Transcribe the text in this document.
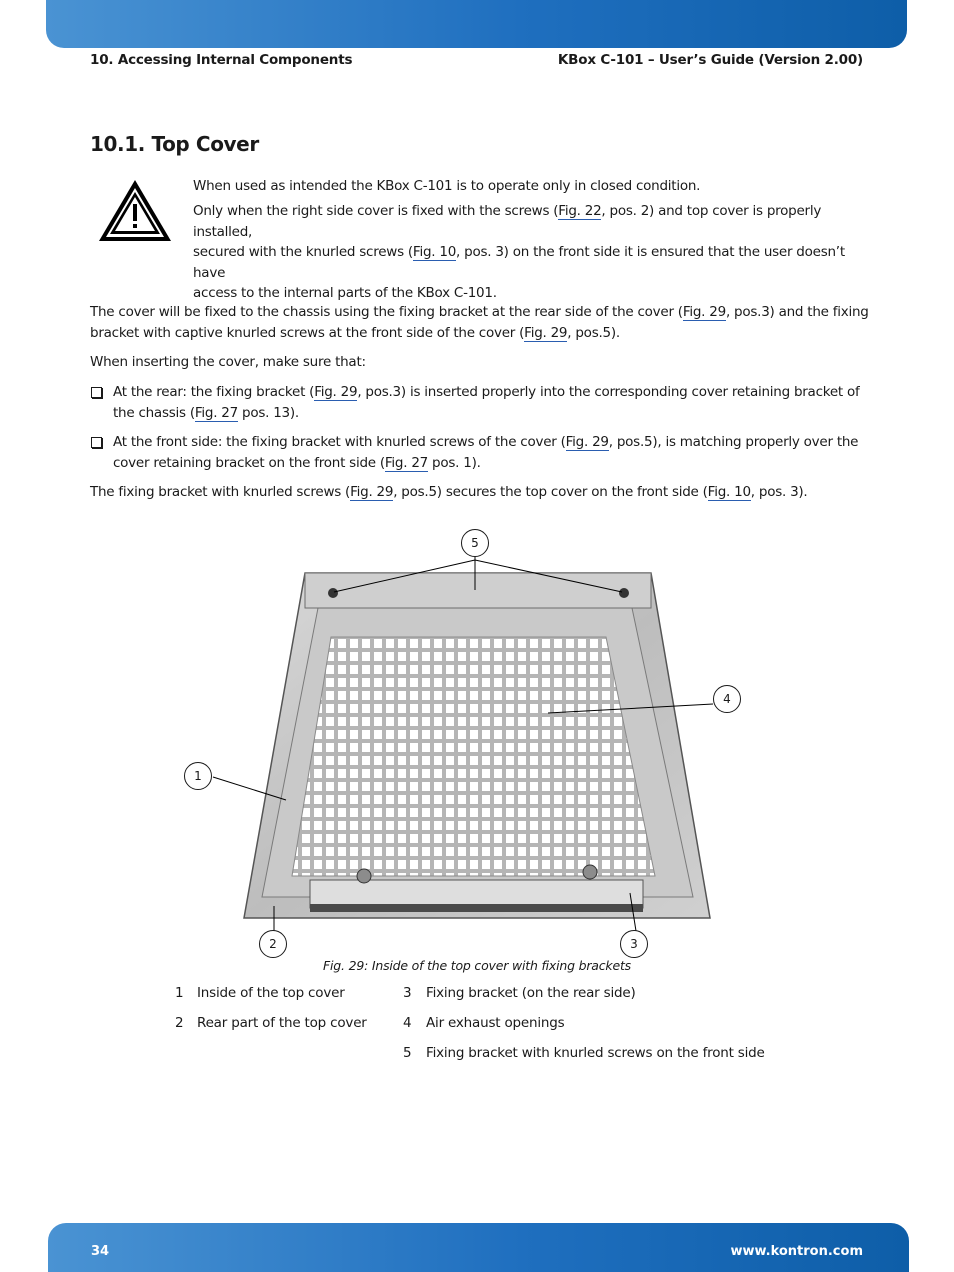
10. Accessing Internal Components	KBox C-101 – User’s Guide (Version 2.00)
10.1. Top Cover

When used as intended the KBox C-101 is to operate only in closed condition.

Only when the right side cover is fixed with the screws (Fig. 22, pos. 2) and top cover is properly installed,
secured with the knurled screws (Fig. 10, pos. 3) on the front side it is ensured that the user doesn’t have
access to the internal parts of the KBox C-101.

The cover will be fixed to the chassis using the fixing bracket at the rear side of the cover (Fig. 29, pos.3) and the fixing
bracket with captive knurled screws at the front side of the cover (Fig. 29, pos.5).

When inserting the cover, make sure that:

At the rear: the fixing bracket (Fig. 29, pos.3) is inserted properly into the corresponding cover retaining bracket of
the chassis (Fig. 27 pos. 13).

At the front side: the fixing bracket with knurled screws of the cover (Fig. 29, pos.5), is matching properly over the
cover retaining bracket on the front side (Fig. 27 pos. 1).

The fixing bracket with knurled screws (Fig. 29, pos.5) secures the top cover on the front side (Fig. 10, pos. 3).

5
4
1
2	3
Fig. 29: Inside of the top cover with fixing brackets
1 Inside of the top cover
2 Rear part of the top cover
3 Fixing bracket (on the rear side)
4 Air exhaust openings
5 Fixing bracket with knurled screws on the front side
34	www.kontron.com
